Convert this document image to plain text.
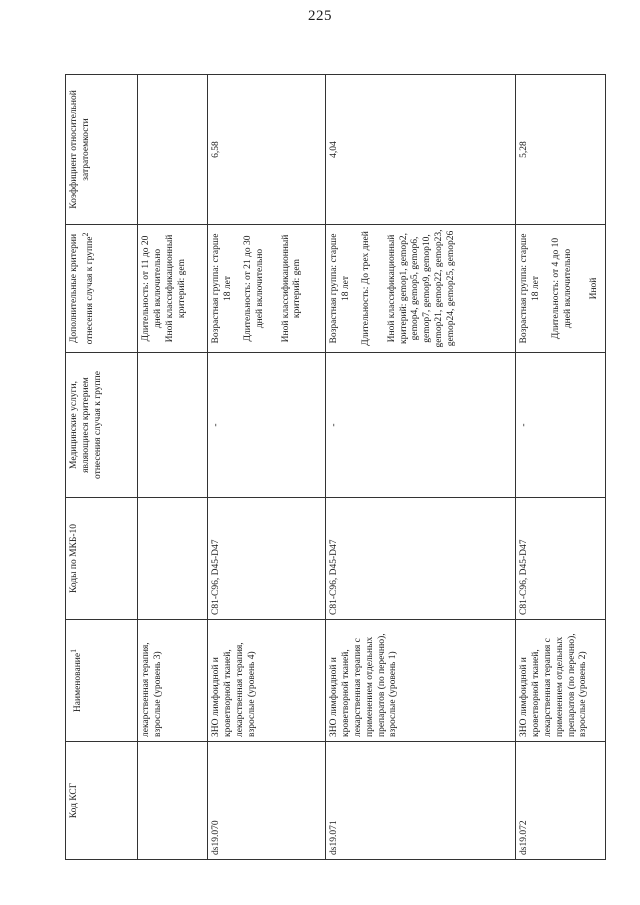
225
Код КСГ	Наименование$^1$	Коды по МКБ-10	Медицинские услуги, являющиеся критерием отнесения случая к группе	Дополнительные критерии отнесения случая к группе$^2$	Коэффициент относительной затратоемкости
	лекарственная терапия, взрослые (уровень 3)			Длительность: от 11 до 20 дней включительно Иной классификационный критерий: gem	

ds19.070	ЗНО лимфоидной и кроветворной тканей, лекарственная терапия, взрослые (уровень 4)	C81-C96, D45-D47	-	Возрастная группа: старше 18 лет Длительность: от 21 до 30 дней включительно Иной классификационный критерий: gem	6,58
ds19.071	ЗНО лимфоидной и кроветворной тканей, лекарственная терапия с применением отдельных препаратов (по перечню), взрослые (уровень 1)	C81-C96, D45-D47	-	Возрастная группа: старше 18 лет Длительность: До трех дней Иной классификационный критерий: gemop1, gemop2, gemop4, gemop5, gemop6, gemop7, gemop9, gemop10, gemop21, gemop22, gemop23, gemop24, gemop25, gemop26	4,04
ds19.072	ЗНО лимфоидной и кроветворной тканей, лекарственная терапия с применением отдельных препаратов (по перечню), взрослые (уровень 2)	C81-C96, D45-D47	-	Возрастная группа: старше 18 лет Длительность: от 4 до 10 дней включительно Иной	5,28
